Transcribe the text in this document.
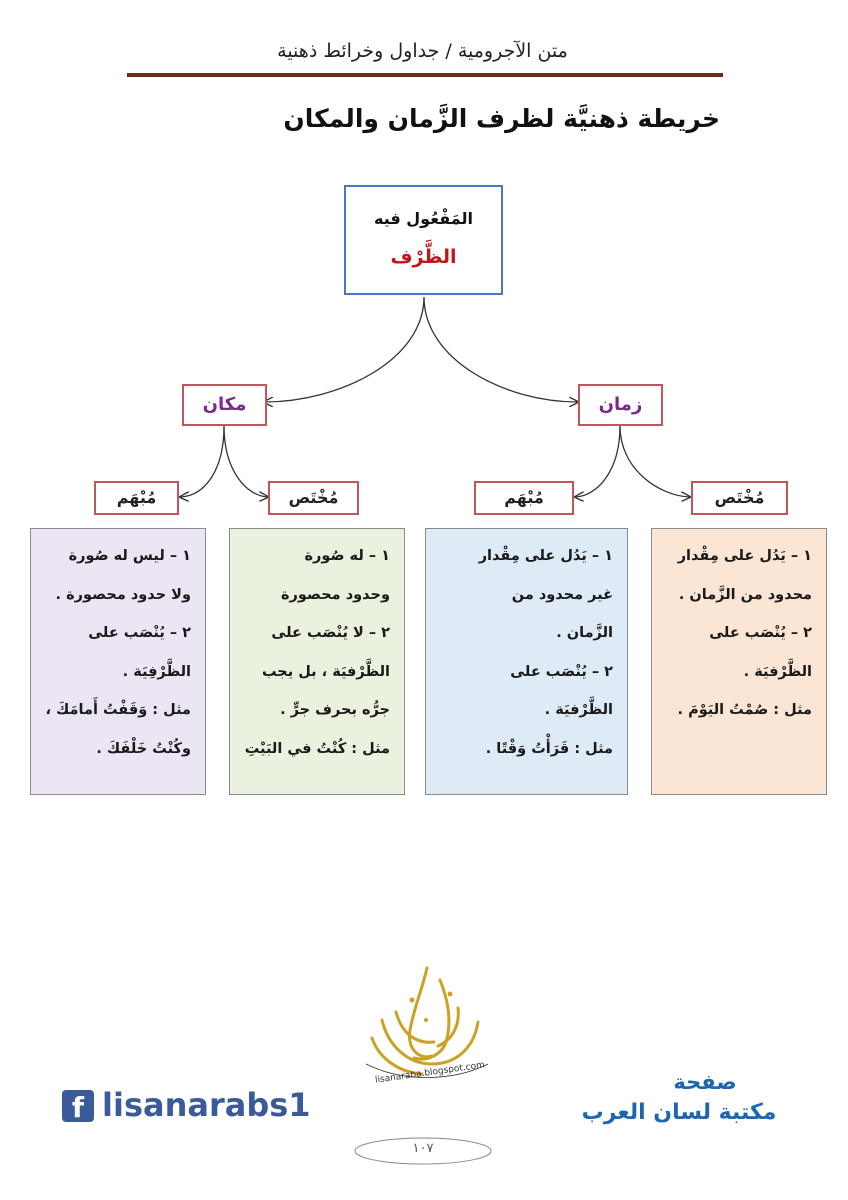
متن الآجرومية / جداول وخرائط ذهنية
خريطة ذهنيَّة لظرف الزَّمان والمكان
المَفْعُول فيه
الظَّرْف
مكان	زمان
مُبْهَم	مُخْتَص	مُبْهَم	مُخْتَص

١ – ليس له صُورة

ولا حدود محصورة .

٢ – يُنْصَب على

الظَّرْفِيَة .

مثل : وَقَفْتُ أَمامَكَ ،

وكُنْتُ خَلْفَكَ .

١ – له صُورة

وحدود محصورة

٢ – لا يُنْصَب على

الظَّرْفيَة ، بل يجب

جرُّه بحرف جرٍّ .

مثل : كُنْتُ في البَيْتِ

١ – يَدُل على مِقْدار

غير محدود من

الزَّمان .

٢ – يُنْصَب على

الظَّرْفيَة .

مثل : قَرَأْتُ وَقْتًا .

١ – يَدُل على مِقْدار

محدود من الزَّمان .

٢ – يُنْصَب على

الظَّرْفيَة .

مثل : صُمْتُ اليَوْمَ .

lisanaraba.blogspot.com
f lisanarabs1
صفحة
مكتبة لسان العرب
١٠٧
